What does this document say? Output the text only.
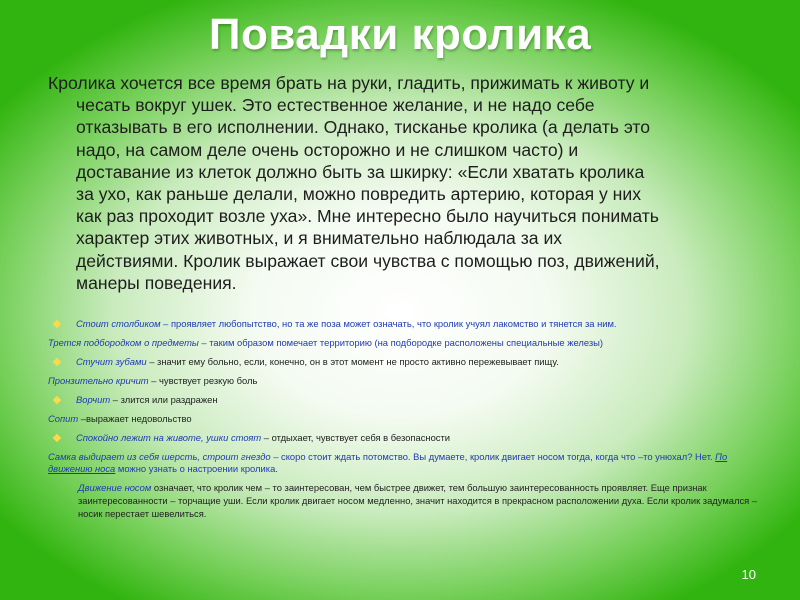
Повадки кролика
Кролика хочется все время брать на руки, гладить, прижимать к животу и
чесать вокруг ушек. Это естественное желание, и не надо себе
отказывать в его исполнении. Однако, тисканье кролика (а делать это
надо, на самом деле очень осторожно и не слишком часто) и
доставание из клеток должно быть за шкирку: «Если хватать кролика
за ухо, как раньше делали, можно повредить артерию, которая у них
как раз проходит возле уха». Мне интересно было научиться понимать
характер этих животных, и я внимательно наблюдала за их
действиями. Кролик выражает свои чувства с помощью поз, движений,
манеры поведения.
Стоит столбиком – проявляет любопытство, но та же поза может означать, что кролик учуял лакомство и тянется за ним.
Трется подбородком о предметы – таким образом помечает территорию (на подбородке расположены специальные железы)
Стучит зубами – значит ему больно, если, конечно, он в этот момент не просто активно пережевывает пищу.
Пронзительно кричит – чувствует резкую боль
Ворчит – злится или раздражен
Сопит –выражает недовольство
Спокойно лежит на животе, ушки стоят – отдыхает, чувствует себя в безопасности
Самка выдирает из себя шерсть, строит гнездо – скоро стоит ждать потомство. Вы думаете, кролик двигает носом тогда, когда что –то унюхал? Нет. По движению носа можно узнать о настроении кролика.
Движение носом означает, что кролик чем – то заинтересован, чем быстрее движет, тем большую заинтересованность проявляет. Еще признак заинтересованности – торчащие уши. Если кролик двигает носом медленно, значит находится в прекрасном расположении духа. Если кролик задумался – носик перестает шевелиться.
10
